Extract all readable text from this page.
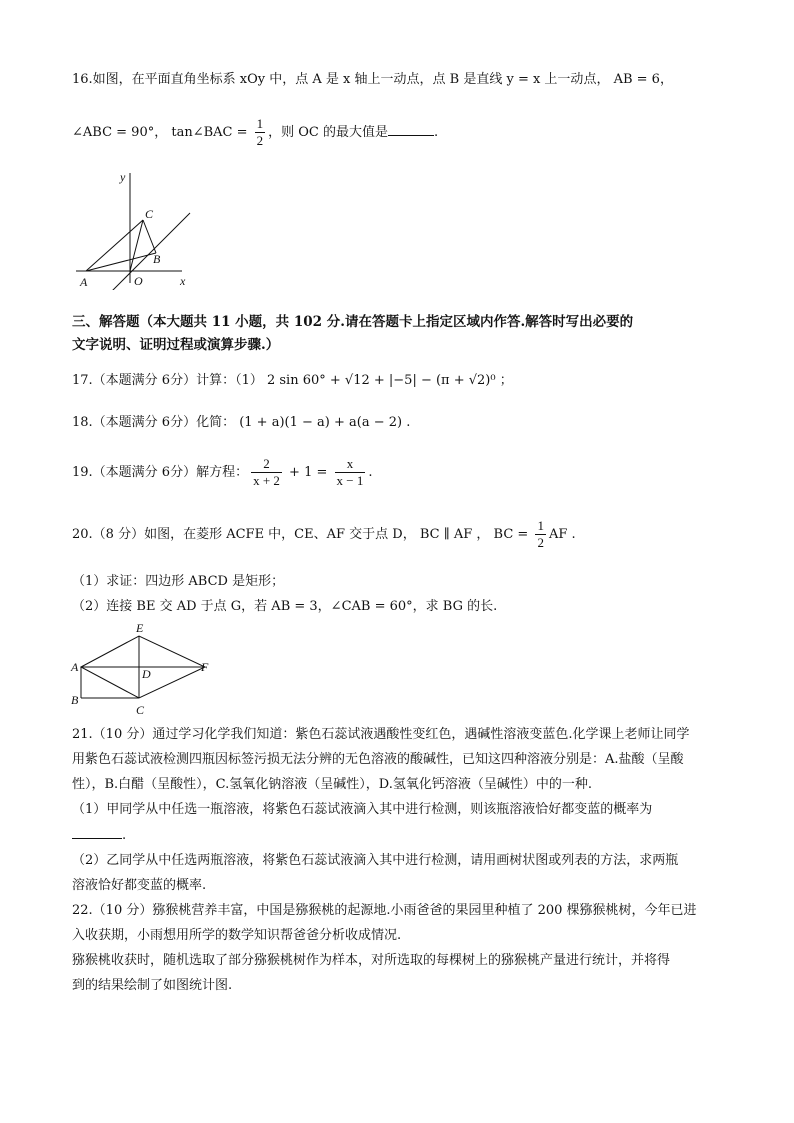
16.如图，在平面直角坐标系 xOy 中，点 A 是 x 轴上一动点，点 B 是直线 y = x 上一动点， AB = 6，
∠ABC = 90°， tan∠BAC = $\frac{1}{2}$ ，则 OC 的最大值是	.
y
x
C
B
A	O
三、解答题（本大题共 11 小题，共 102 分.请在答题卡上指定区域内作答.解答时写出必要的
文字说明、证明过程或演算步骤.）
17.（本题满分 6分）计算：（1） 2 sin 60° + √12 + |−5| − (π + √2)⁰ ；
18.（本题满分 6分）化简： (1 + a)(1 − a) + a(a − 2) .
19.（本题满分 6分）解方程： $\frac{2}{x + 2} + 1 = \frac{x}{x - 1}$ .
20.（8 分）如图，在菱形 ACFE 中，CE、AF 交于点 D， BC ∥ AF ， BC = $\frac{1}{2}$ AF .
（1）求证：四边形 ABCD 是矩形；
（2）连接 BE 交 AD 于点 G，若 AB = 3，∠CAB = 60°，求 BG 的长.
E
A	D	F
B
C
21.（10 分）通过学习化学我们知道：紫色石蕊试液遇酸性变红色，遇碱性溶液变蓝色.化学课上老师让同学
用紫色石蕊试液检测四瓶因标签污损无法分辨的无色溶液的酸碱性，已知这四种溶液分别是：A.盐酸（呈酸
性），B.白醋（呈酸性），C.氢氧化钠溶液（呈碱性），D.氢氧化钙溶液（呈碱性）中的一种.
（1）甲同学从中任选一瓶溶液，将紫色石蕊试液滴入其中进行检测，则该瓶溶液恰好都变蓝的概率为
.
（2）乙同学从中任选两瓶溶液，将紫色石蕊试液滴入其中进行检测，请用画树状图或列表的方法，求两瓶
溶液恰好都变蓝的概率.
22.（10 分）猕猴桃营养丰富，中国是猕猴桃的起源地.小雨爸爸的果园里种植了 200 棵猕猴桃树，今年已进
入收获期，小雨想用所学的数学知识帮爸爸分析收成情况.
猕猴桃收获时，随机选取了部分猕猴桃树作为样本，对所选取的每棵树上的猕猴桃产量进行统计，并将得
到的结果绘制了如图统计图.
